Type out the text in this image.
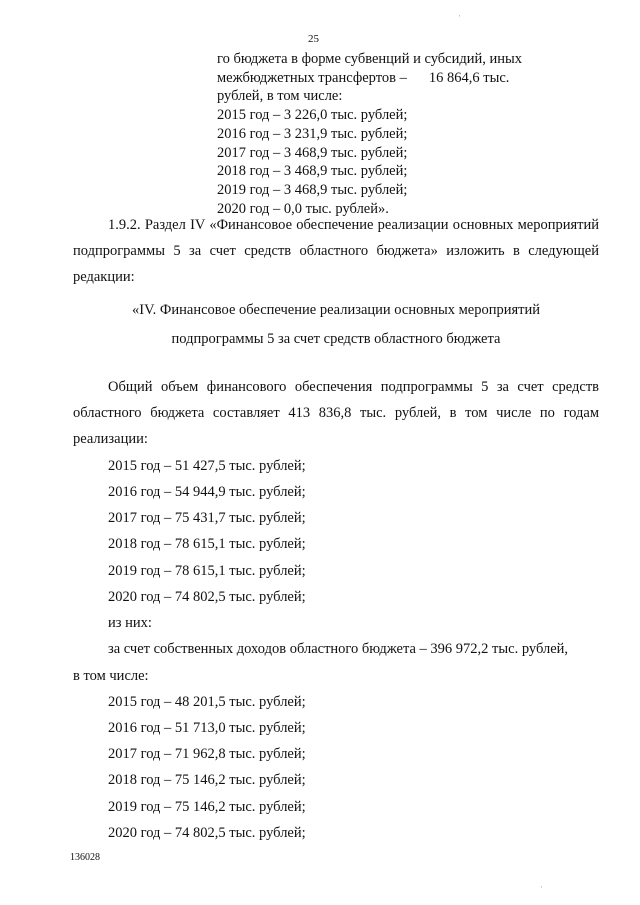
25
го бюджета в форме субвенций и субсидий, иных
межбюджетных трансфертов – 16 864,6 тыс.
рублей, в том числе:
2015 год – 3 226,0 тыс. рублей;
2016 год – 3 231,9 тыс. рублей;
2017 год – 3 468,9 тыс. рублей;
2018 год – 3 468,9 тыс. рублей;
2019 год – 3 468,9 тыс. рублей;
2020 год – 0,0 тыс. рублей».
1.9.2. Раздел IV «Финансовое обеспечение реализации основных мероприятий подпрограммы 5 за счет средств областного бюджета» изложить в следующей редакции:
«IV. Финансовое обеспечение реализации основных мероприятий
подпрограммы 5 за счет средств областного бюджета
Общий объем финансового обеспечения подпрограммы 5 за счет средств областного бюджета составляет 413 836,8 тыс. рублей, в том числе по годам реализации:
2015 год – 51 427,5 тыс. рублей;
2016 год – 54 944,9 тыс. рублей;
2017 год – 75 431,7 тыс. рублей;
2018 год – 78 615,1 тыс. рублей;
2019 год – 78 615,1 тыс. рублей;
2020 год – 74 802,5 тыс. рублей;
из них:
за счет собственных доходов областного бюджета – 396 972,2 тыс. рублей,
в том числе:
2015 год – 48 201,5 тыс. рублей;
2016 год – 51 713,0 тыс. рублей;
2017 год – 71 962,8 тыс. рублей;
2018 год – 75 146,2 тыс. рублей;
2019 год – 75 146,2 тыс. рублей;
2020 год – 74 802,5 тыс. рублей;
136028
ˈ
ˈ
